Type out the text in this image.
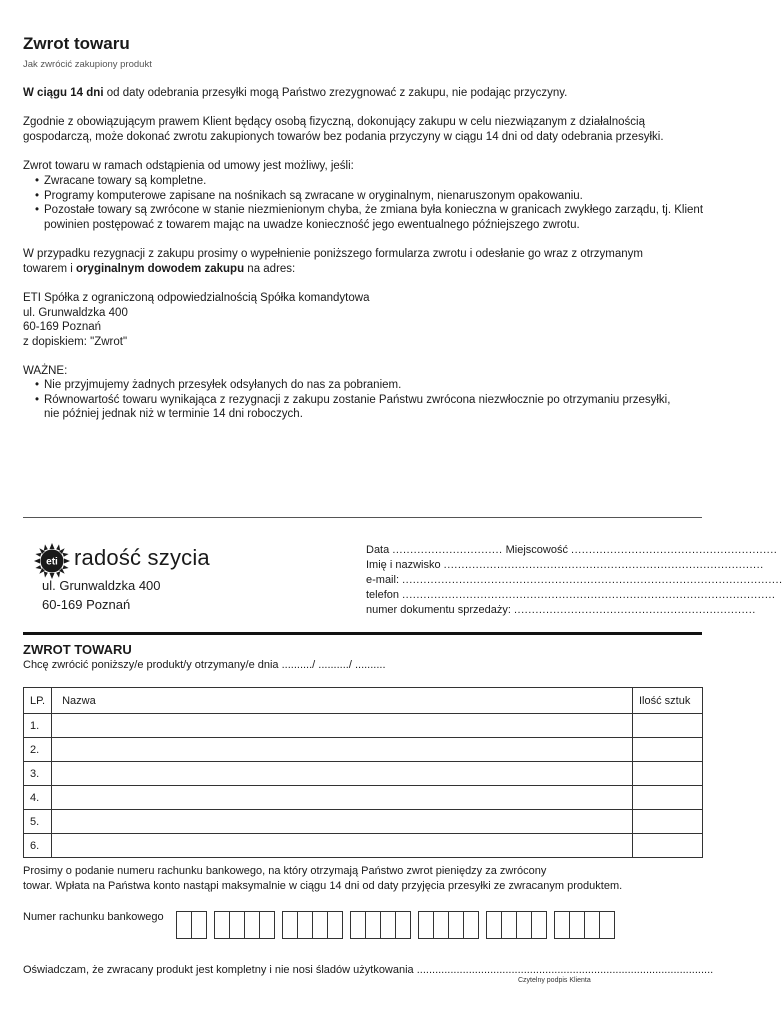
Zwrot towaru
Jak zwrócić zakupiony produkt

W ciągu 14 dni od daty odebrania przesyłki mogą Państwo zrezygnować z zakupu, nie podając przyczyny.

Zgodnie z obowiązującym prawem Klient będący osobą fizyczną, dokonujący zakupu w celu niezwiązanym z działalnością

gospodarczą, może dokonać zwrotu zakupionych towarów bez podania przyczyny w ciągu 14 dni od daty odebrania przesyłki.

Zwrot towaru w ramach odstąpienia od umowy jest możliwy, jeśli:

• Zwracane towary są kompletne.
• Programy komputerowe zapisane na nośnikach są zwracane w oryginalnym, nienaruszonym opakowaniu.
• Pozostałe towary są zwrócone w stanie niezmienionym chyba, że zmiana była konieczna w granicach zwykłego zarządu, tj. Klient

powinien postępować z towarem mając na uwadze konieczność jego ewentualnego późniejszego zwrotu.

W przypadku rezygnacji z zakupu prosimy o wypełnienie poniższego formularza zwrotu i odesłanie go wraz z otrzymanym

towarem i oryginalnym dowodem zakupu na adres:

ETI Spółka z ograniczoną odpowiedzialnością Spółka komandytowa

ul. Grunwaldzka 400

60-169 Poznań

z dopiskiem: "Zwrot"

WAŻNE:

• Nie przyjmujemy żadnych przesyłek odsyłanych do nas za pobraniem.
• Równowartość towaru wynikająca z rezygnacji z zakupu zostanie Państwu zwrócona niezwłocznie po otrzymaniu przesyłki,

nie później jednak niż w terminie 14 dni roboczych.

eti radość szycia
ul. Grunwaldzka 400
60-169 Poznań
Data ............................... Miejscowość ..........................................................
Imię i nazwisko ..........................................................................................
e-mail: ...........................................................................................................
telefon .........................................................................................................
numer dokumentu sprzedaży: ....................................................................
ZWROT TOWARU
Chcę zwrócić poniższy/e produkt/y otrzymany/e dnia ........../ ........../ ..........
LP.	Nazwa	Ilość sztuk
1.		
2.		
3.		
4.		
5.		
6.		

Prosimy o podanie numeru rachunku bankowego, na który otrzymają Państwo zwrot pieniędzy za zwrócony

towar. Wpłata na Państwa konto nastąpi maksymalnie w ciągu 14 dni od daty przyjęcia przesyłki ze zwracanym produktem.

Numer rachunku bankowego
Oświadczam, że zwracany produkt jest kompletny i nie nosi śladów użytkowania .................................................................................................
Czytelny podpis Klienta
